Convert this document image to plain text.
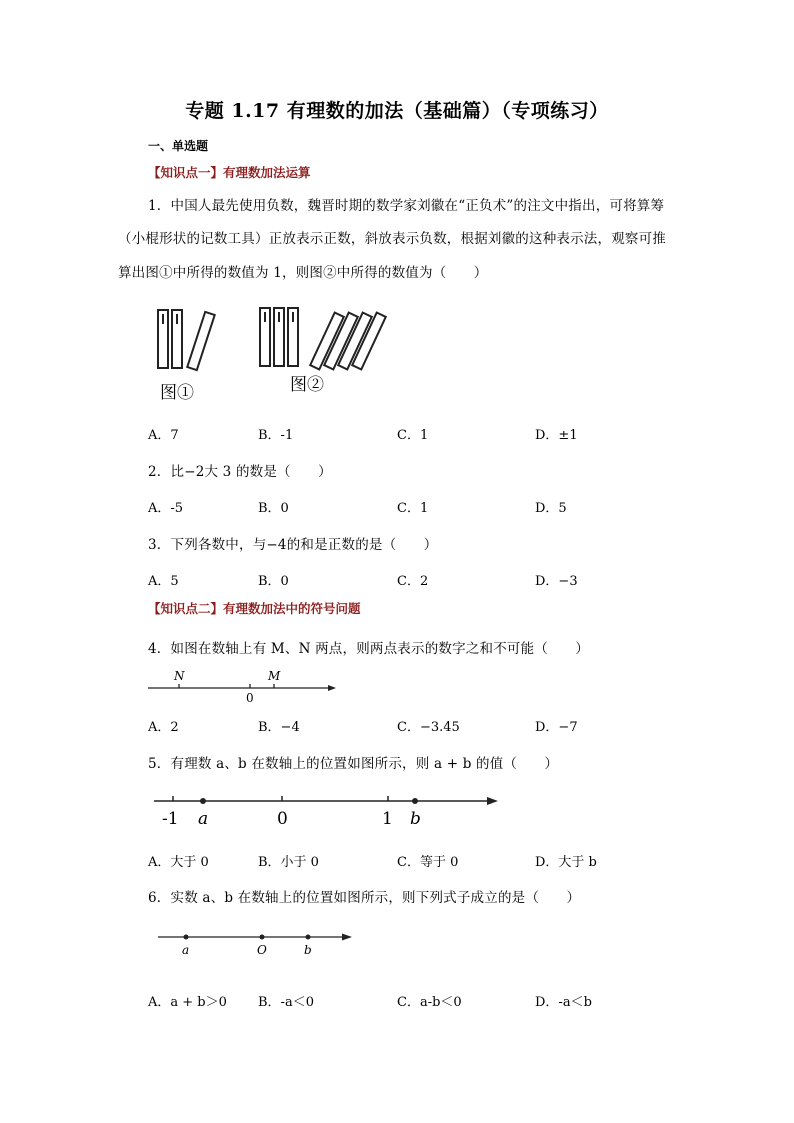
专题 1.17 有理数的加法（基础篇）（专项练习）
一、单选题
【知识点一】有理数加法运算
1．中国人最先使用负数，魏晋时期的数学家刘徽在“正负术”的注文中指出，可将算筹
（小棍形状的记数工具）正放表示正数，斜放表示负数，根据刘徽的这种表示法，观察可推
算出图①中所得的数值为 1，则图②中所得的数值为（　　）
图①	图②
A．7	B．-1	C．1	D．±1
2．比−2大 3 的数是（　　）
A．-5	B．0	C．1	D．5
3．下列各数中，与−4的和是正数的是（　　）
A．5	B．0	C．2	D．−3
【知识点二】有理数加法中的符号问题
4．如图在数轴上有 M、N 两点，则两点表示的数字之和不可能（　　）
N	M
0
A．2	B．−4	C．−3.45	D．−7
5．有理数 a、b 在数轴上的位置如图所示，则 a + b 的值（　　）
-1 a	0	1 b
A．大于 0	B．小于 0	C．等于 0	D．大于 b
6．实数 a、b 在数轴上的位置如图所示，则下列式子成立的是（　　）
a	O	b
A．a + b＞0 B．-a＜0	C．a-b＜0	D．-a＜b
